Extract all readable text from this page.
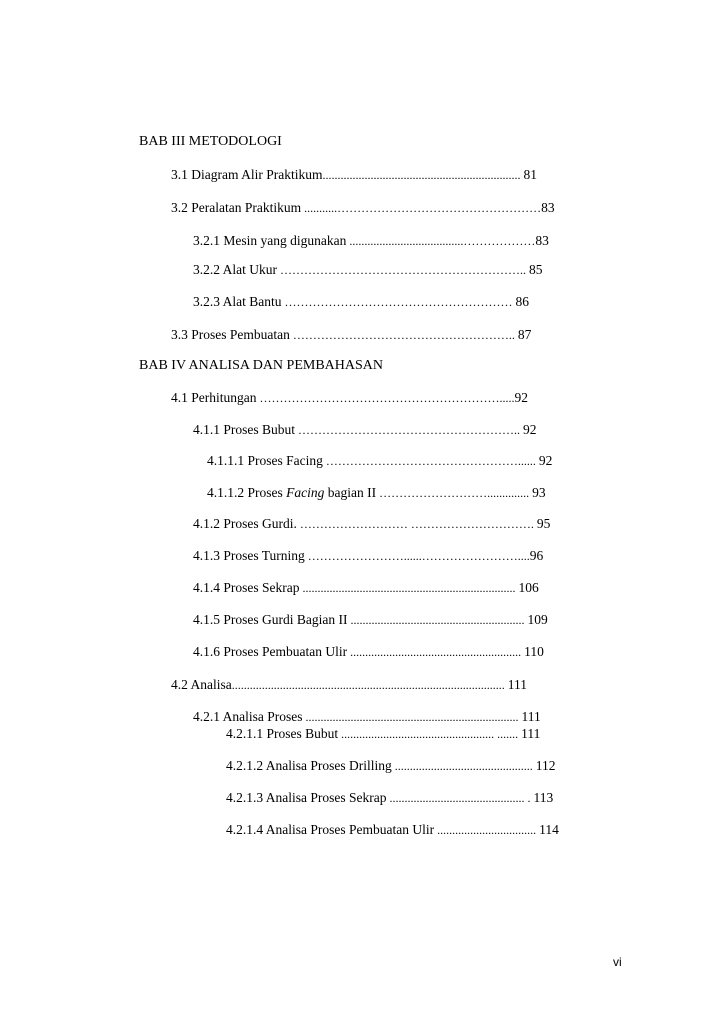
BAB III METODOLOGI
3.1 Diagram Alir Praktikum.................................................................. 81
3.2 Peralatan Praktikum ...........……………………………………………83
3.2.1 Mesin yang digunakan ......................................………………83
3.2.2 Alat Ukur …………………………………………………….. 85
3.2.3 Alat Bantu ………………………………………………… 86
3.3 Proses Pembuatan ……………………………………………….. 87
BAB IV ANALISA DAN PEMBAHASAN
4.1 Perhitungan …………………………………………………….....92
4.1.1 Proses Bubut ……………………………………………….. 92
4.1.1.1 Proses Facing …………………………………………...... 92
4.1.1.2 Proses Facing bagian II ……………………….............. 93
4.1.2 Proses Gurdi. ……………………… …………………………. 95
4.1.3 Proses Turning ……………………......……………………....96
4.1.4 Proses Sekrap ....................................................................... 106
4.1.5 Proses Gurdi Bagian II .......................................................... 109
4.1.6 Proses Pembuatan Ulir ......................................................... 110
4.2 Analisa........................................................................................... 111
4.2.1 Analisa Proses ....................................................................... 111
4.2.1.1 Proses Bubut ................................................... ....... 111
4.2.1.2 Analisa Proses Drilling .............................................. 112
4.2.1.3 Analisa Proses Sekrap ............................................. . 113
4.2.1.4 Analisa Proses Pembuatan Ulir ................................. 114
vi
